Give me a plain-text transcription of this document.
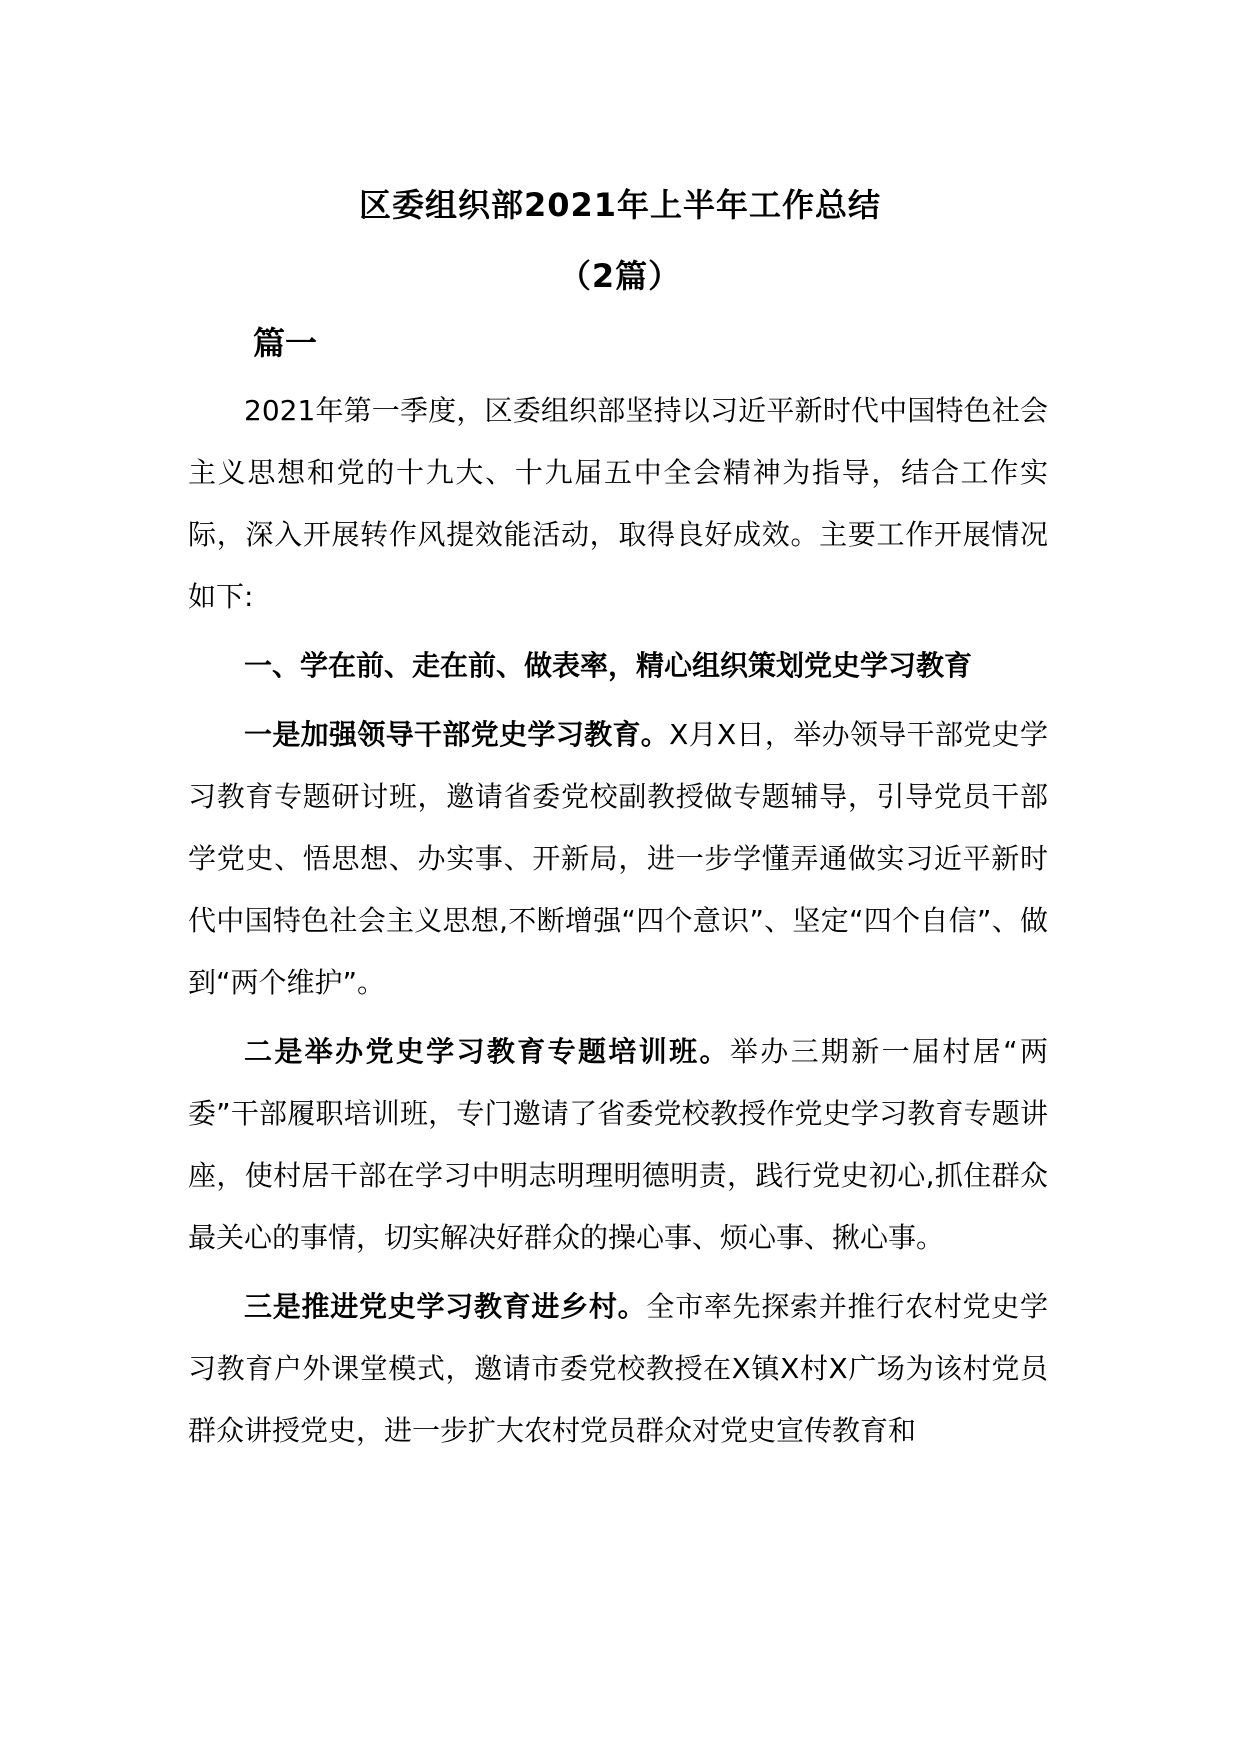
区委组织部2021年上半年工作总结
（2篇）
篇一

2021年第一季度，区委组织部坚持以习近平新时代中国特色社会主义思想和党的十九大、十九届五中全会精神为指导，结合工作实际，深入开展转作风提效能活动，取得良好成效。主要工作开展情况如下:

一、学在前、走在前、做表率，精心组织策划党史学习教育

一是加强领导干部党史学习教育。X月X日，举办领导干部党史学习教育专题研讨班，邀请省委党校副教授做专题辅导，引导党员干部学党史、悟思想、办实事、开新局，进一步学懂弄通做实习近平新时代中国特色社会主义思想,不断增强“四个意识”、坚定“四个自信”、做到“两个维护”。

二是举办党史学习教育专题培训班。举办三期新一届村居“两委”干部履职培训班，专门邀请了省委党校教授作党史学习教育专题讲座，使村居干部在学习中明志明理明德明责，践行党史初心,抓住群众最关心的事情，切实解决好群众的操心事、烦心事、揪心事。

三是推进党史学习教育进乡村。全市率先探索并推行农村党史学习教育户外课堂模式，邀请市委党校教授在X镇X村X广场为该村党员群众讲授党史，进一步扩大农村党员群众对党史宣传教育和
